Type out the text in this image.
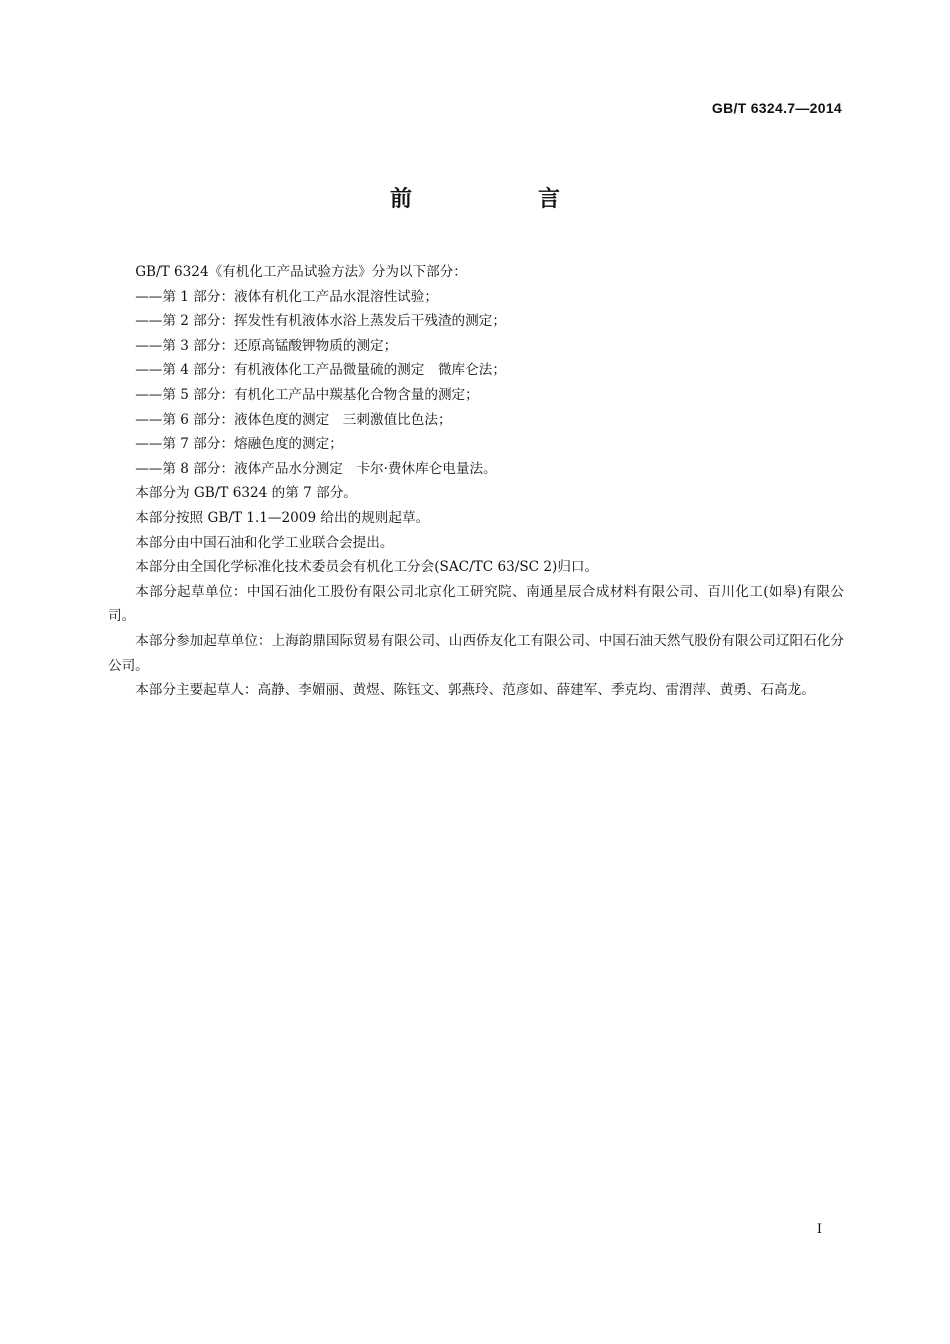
GB/T 6324.7—2014
前　言

GB/T 6324《有机化工产品试验方法》分为以下部分：

——第 1 部分：液体有机化工产品水混溶性试验；

——第 2 部分：挥发性有机液体水浴上蒸发后干残渣的测定；

——第 3 部分：还原高锰酸钾物质的测定；

——第 4 部分：有机液体化工产品微量硫的测定　微库仑法；

——第 5 部分：有机化工产品中羰基化合物含量的测定；

——第 6 部分：液体色度的测定　三刺激值比色法；

——第 7 部分：熔融色度的测定；

——第 8 部分：液体产品水分测定　卡尔·费休库仑电量法。

本部分为 GB/T 6324 的第 7 部分。

本部分按照 GB/T 1.1—2009 给出的规则起草。

本部分由中国石油和化学工业联合会提出。

本部分由全国化学标准化技术委员会有机化工分会(SAC/TC 63/SC 2)归口。

本部分起草单位：中国石油化工股份有限公司北京化工研究院、南通星辰合成材料有限公司、百川化工(如皋)有限公司。

本部分参加起草单位：上海韵鼎国际贸易有限公司、山西侨友化工有限公司、中国石油天然气股份有限公司辽阳石化分公司。

本部分主要起草人：高静、李媚丽、黄煜、陈钰文、郭燕玲、范彦如、薛建军、季克均、雷渭萍、黄勇、石高龙。

I
